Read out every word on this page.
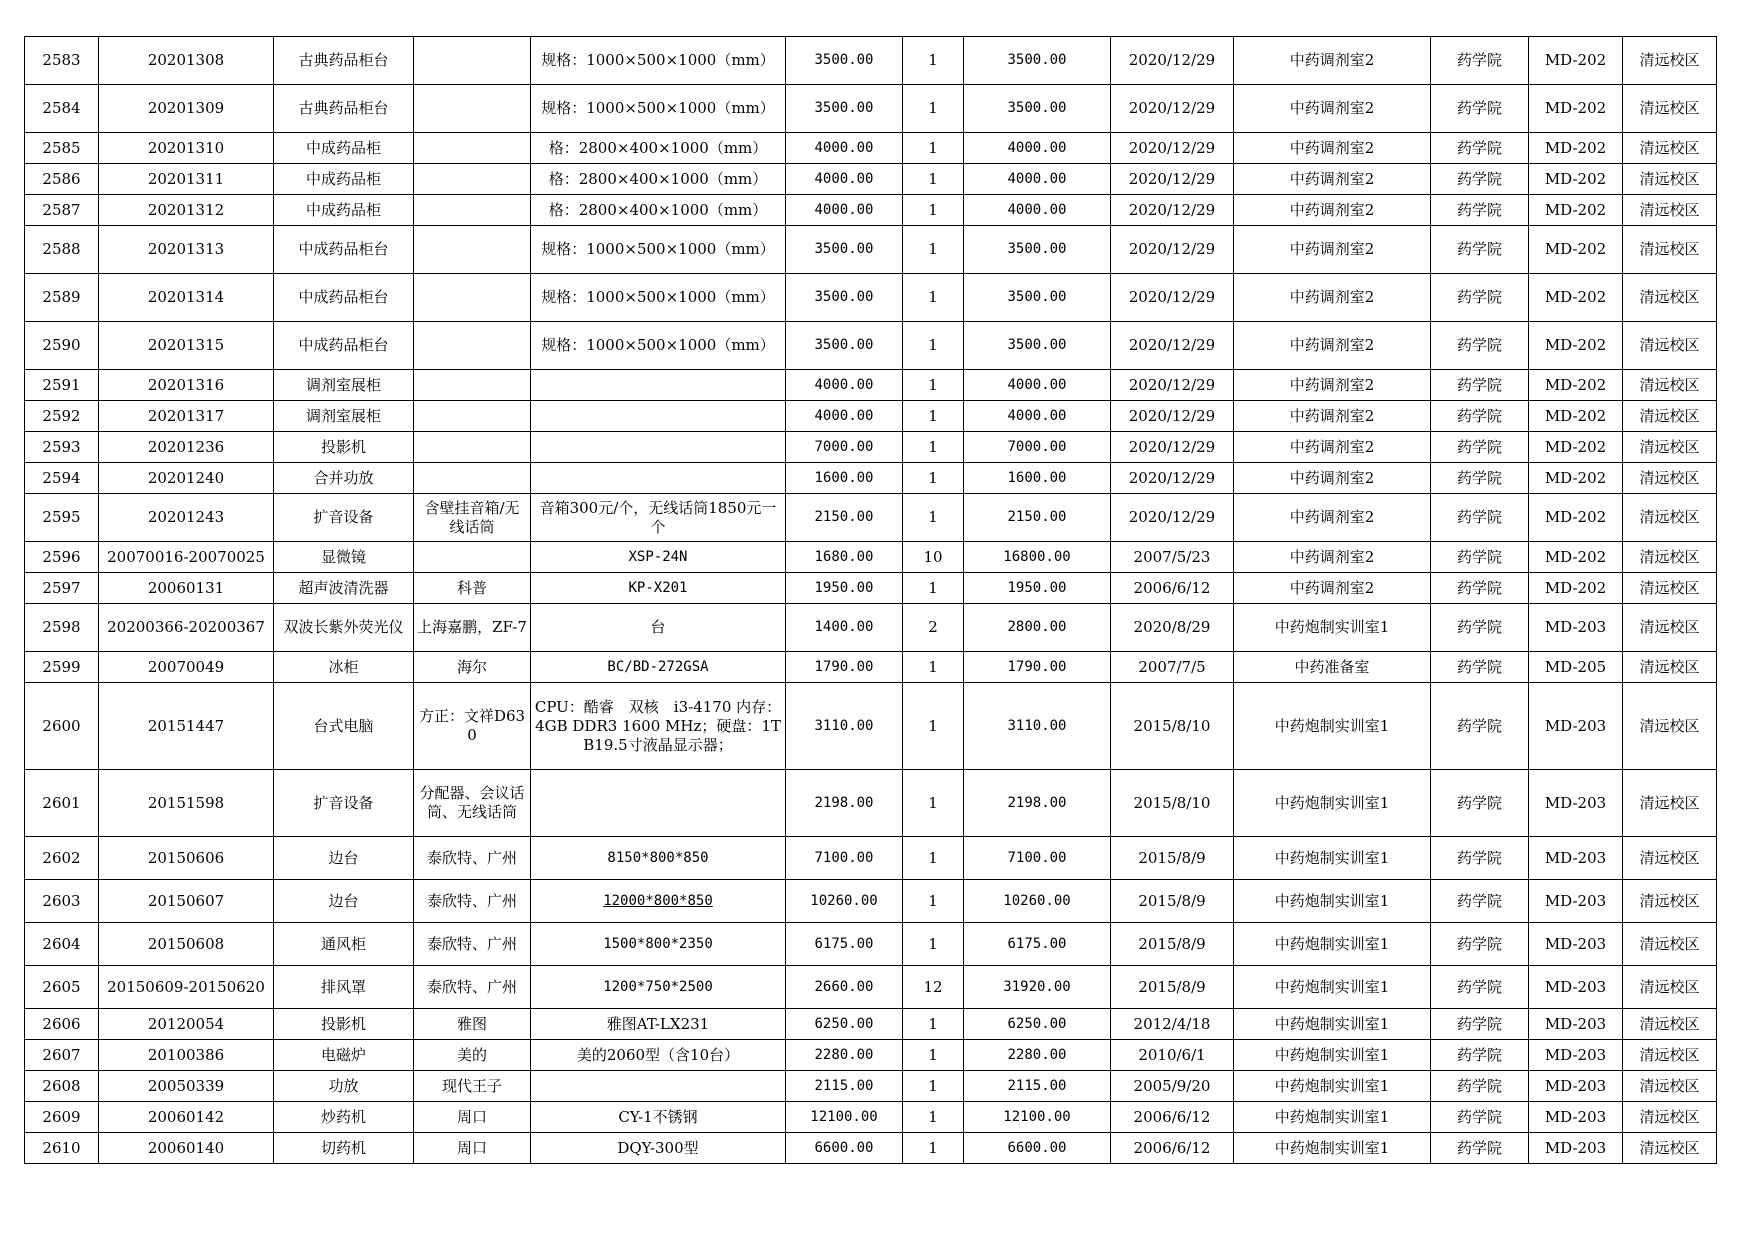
2583	20201308	古典药品柜台		规格：1000×500×1000（mm）	3500.00	1	3500.00	2020/12/29	中药调剂室2	药学院	MD-202	清远校区
2584	20201309	古典药品柜台		规格：1000×500×1000（mm）	3500.00	1	3500.00	2020/12/29	中药调剂室2	药学院	MD-202	清远校区
2585	20201310	中成药品柜		格：2800×400×1000（mm）	4000.00	1	4000.00	2020/12/29	中药调剂室2	药学院	MD-202	清远校区
2586	20201311	中成药品柜		格：2800×400×1000（mm）	4000.00	1	4000.00	2020/12/29	中药调剂室2	药学院	MD-202	清远校区
2587	20201312	中成药品柜		格：2800×400×1000（mm）	4000.00	1	4000.00	2020/12/29	中药调剂室2	药学院	MD-202	清远校区
2588	20201313	中成药品柜台		规格：1000×500×1000（mm）	3500.00	1	3500.00	2020/12/29	中药调剂室2	药学院	MD-202	清远校区
2589	20201314	中成药品柜台		规格：1000×500×1000（mm）	3500.00	1	3500.00	2020/12/29	中药调剂室2	药学院	MD-202	清远校区
2590	20201315	中成药品柜台		规格：1000×500×1000（mm）	3500.00	1	3500.00	2020/12/29	中药调剂室2	药学院	MD-202	清远校区
2591	20201316	调剂室展柜			4000.00	1	4000.00	2020/12/29	中药调剂室2	药学院	MD-202	清远校区
2592	20201317	调剂室展柜			4000.00	1	4000.00	2020/12/29	中药调剂室2	药学院	MD-202	清远校区
2593	20201236	投影机			7000.00	1	7000.00	2020/12/29	中药调剂室2	药学院	MD-202	清远校区
2594	20201240	合并功放			1600.00	1	1600.00	2020/12/29	中药调剂室2	药学院	MD-202	清远校区
2595	20201243	扩音设备	含壁挂音箱/无线话筒	音箱300元/个，无线话筒1850元一个	2150.00	1	2150.00	2020/12/29	中药调剂室2	药学院	MD-202	清远校区
2596	20070016-20070025	显微镜		XSP-24N	1680.00	10	16800.00	2007/5/23	中药调剂室2	药学院	MD-202	清远校区
2597	20060131	超声波清洗器	科普	KP-X201	1950.00	1	1950.00	2006/6/12	中药调剂室2	药学院	MD-202	清远校区
2598	20200366-20200367	双波长紫外荧光仪	上海嘉鹏，ZF-7	台	1400.00	2	2800.00	2020/8/29	中药炮制实训室1	药学院	MD-203	清远校区
2599	20070049	冰柜	海尔	BC/BD-272GSA	1790.00	1	1790.00	2007/7/5	中药准备室	药学院	MD-205	清远校区
2600	20151447	台式电脑	方正：文祥D630	CPU：酷睿　双核　i3-4170 内存：4GB DDR3 1600 MHz；硬盘：1TB19.5寸液晶显示器；	3110.00	1	3110.00	2015/8/10	中药炮制实训室1	药学院	MD-203	清远校区
2601	20151598	扩音设备	分配器、会议话筒、无线话筒		2198.00	1	2198.00	2015/8/10	中药炮制实训室1	药学院	MD-203	清远校区
2602	20150606	边台	泰欣特、广州	8150*800*850	7100.00	1	7100.00	2015/8/9	中药炮制实训室1	药学院	MD-203	清远校区
2603	20150607	边台	泰欣特、广州	12000*800*850	10260.00	1	10260.00	2015/8/9	中药炮制实训室1	药学院	MD-203	清远校区
2604	20150608	通风柜	泰欣特、广州	1500*800*2350	6175.00	1	6175.00	2015/8/9	中药炮制实训室1	药学院	MD-203	清远校区
2605	20150609-20150620	排风罩	泰欣特、广州	1200*750*2500	2660.00	12	31920.00	2015/8/9	中药炮制实训室1	药学院	MD-203	清远校区
2606	20120054	投影机	雅图	雅图AT-LX231	6250.00	1	6250.00	2012/4/18	中药炮制实训室1	药学院	MD-203	清远校区
2607	20100386	电磁炉	美的	美的2060型（含10台）	2280.00	1	2280.00	2010/6/1	中药炮制实训室1	药学院	MD-203	清远校区
2608	20050339	功放	现代王子		2115.00	1	2115.00	2005/9/20	中药炮制实训室1	药学院	MD-203	清远校区
2609	20060142	炒药机	周口	CY-1不锈钢	12100.00	1	12100.00	2006/6/12	中药炮制实训室1	药学院	MD-203	清远校区
2610	20060140	切药机	周口	DQY-300型	6600.00	1	6600.00	2006/6/12	中药炮制实训室1	药学院	MD-203	清远校区
